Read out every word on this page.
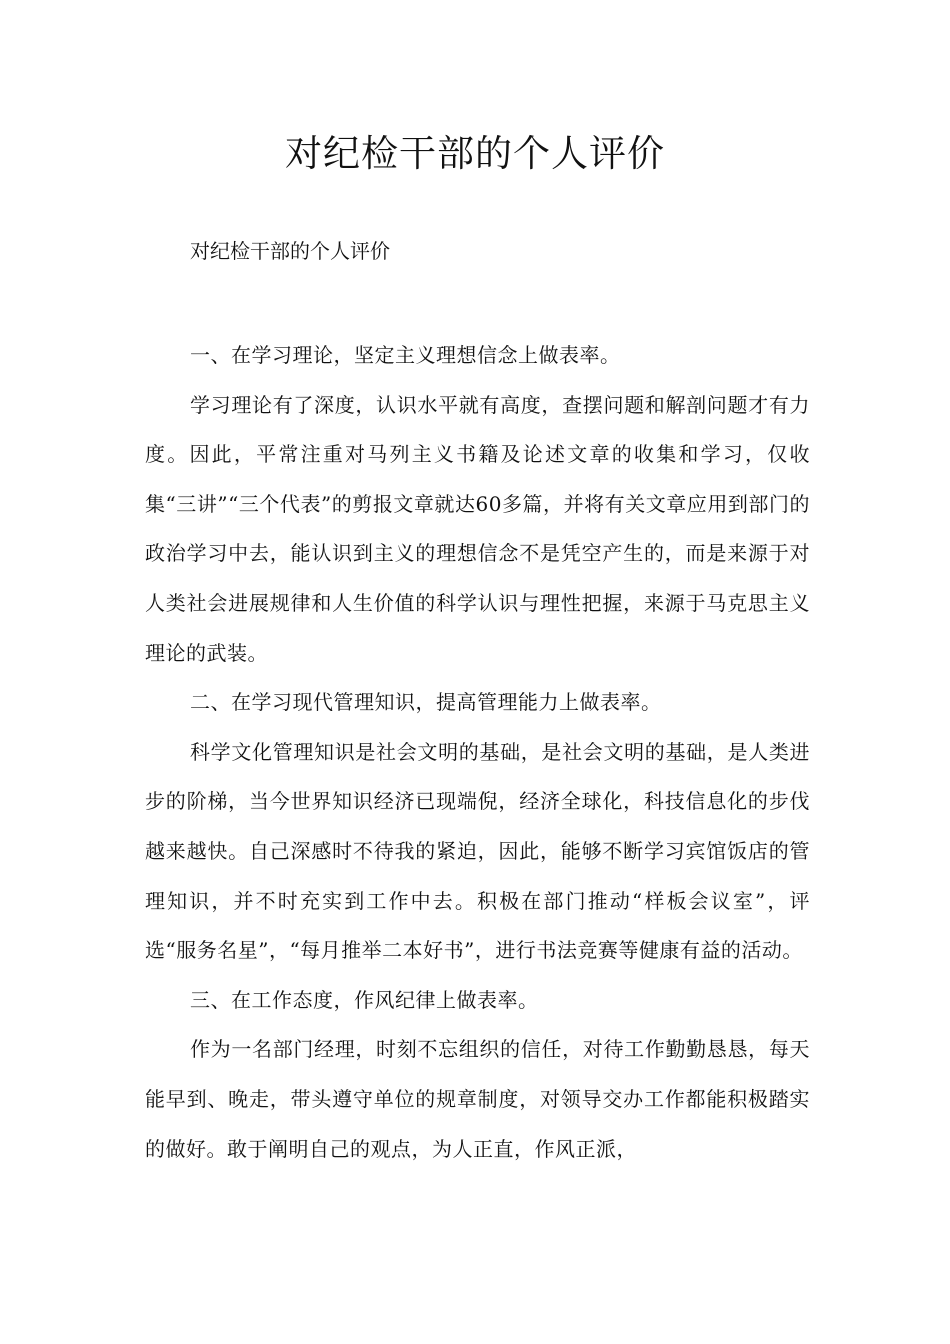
对纪检干部的个人评价

对纪检干部的个人评价

一、在学习理论，坚定主义理想信念上做表率。

学习理论有了深度，认识水平就有高度，查摆问题和解剖问题才有力度。因此，平常注重对马列主义书籍及论述文章的收集和学习，仅收集“三讲”“三个代表”的剪报文章就达60多篇，并将有关文章应用到部门的政治学习中去，能认识到主义的理想信念不是凭空产生的，而是来源于对人类社会进展规律和人生价值的科学认识与理性把握，来源于马克思主义理论的武装。

二、在学习现代管理知识，提高管理能力上做表率。

科学文化管理知识是社会文明的基础，是社会文明的基础，是人类进步的阶梯，当今世界知识经济已现端倪，经济全球化，科技信息化的步伐越来越快。自己深感时不待我的紧迫，因此，能够不断学习宾馆饭店的管理知识，并不时充实到工作中去。积极在部门推动“样板会议室”，评选“服务名星”，“每月推举二本好书”，进行书法竞赛等健康有益的活动。

三、在工作态度，作风纪律上做表率。

作为一名部门经理，时刻不忘组织的信任，对待工作勤勤恳恳，每天能早到、晚走，带头遵守单位的规章制度，对领导交办工作都能积极踏实的做好。敢于阐明自己的观点，为人正直，作风正派，
